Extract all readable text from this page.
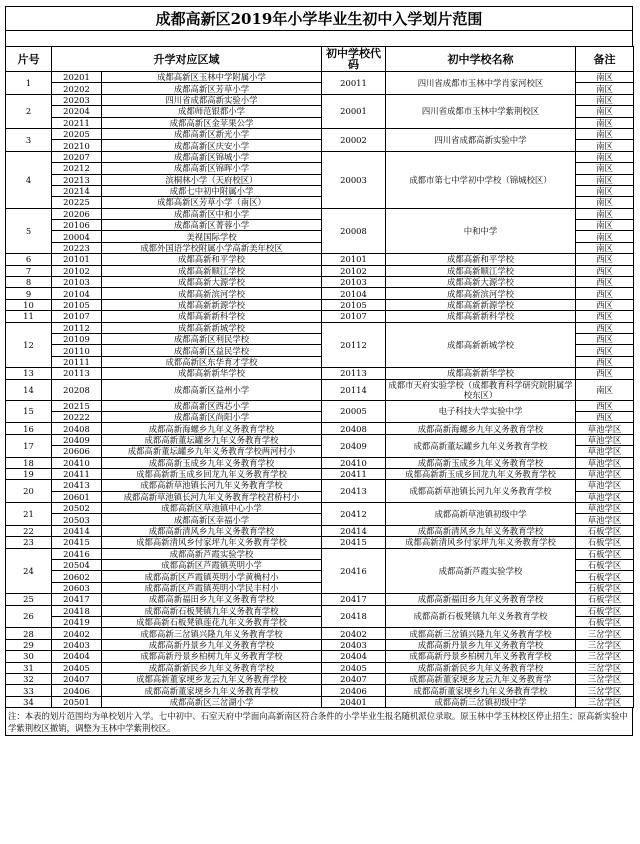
成都高新区2019年小学毕业生初中入学划片范围
片号	升学对应区域		初中学校代码	初中学校名称	备注
1	20201	成都高新区玉林中学附属小学	20011	四川省成都市玉林中学肖家河校区	南区
	20202	成都高新区芳草小学			南区
2	20203	四川省成都高新实验小学	20001	四川省成都市玉林中学紫荆校区	南区
	20204	成都师范银都小学			南区
	20211	成都高新区金苹果公学			南区
3	20205	成都高新区新光小学	20002	四川省成都高新实验中学	南区
	20210	成都高新区庆安小学			南区
4	20207	成都高新区锦城小学	20003	成都市第七中学初中学校（锦城校区）	南区
	20212	成都高新区锦晖小学			南区
	20213	滨桐林小学（天府校区）			南区
	20214	成都七中初中附属小学			南区
	20225	成都高新区芳草小学（南区）			南区
5	20206	成都高新区中和小学	20008	中和中学	南区
	20106	成都高新区菁蓉小学			南区
	20004	美视国际学校			南区
	20223	成都外国语学校附属小学高新美年校区			南区
6	20101	成都高新和平学校	20101	成都高新和平学校	西区
7	20102	成都高新顺江学校	20102	成都高新顺江学校	西区
8	20103	成都高新大源学校	20103	成都高新大源学校	西区
9	20104	成都高新滨河学校	20104	成都高新滨河学校	西区
10	20105	成都高新新源学校	20105	成都高新新源学校	西区
11	20107	成都高新新科学校	20107	成都高新新科学校	西区
12	20112	成都高新新城学校	20112	成都高新新城学校	西区
	20109	成都高新区利民学校			西区
	20110	成都高新区益民学校			西区
	20111	成都高新区东华育才学校			西区
13	20113	成都高新新华学校	20113	成都高新新华学校	西区
14	20208	成都高新区益州小学	20114	成都市天府实验学校（成都教育科学研究院附属学校东区）	南区
15	20215	成都高新区西芯小学	20005	电子科技大学实验中学	西区
	20222	成都高新区尚阳小学			西区
16	20408	成都高新海螺乡九年义务教育学校	20408	成都高新海螺乡九年义务教育学校	草池学区
17	20409	成都高新董坛罐乡九年义务教育学校	20409	成都高新董坛罐乡九年义务教育学校	草池学区
	20606	成都高新董坛罐乡九年义务教育学校两河村小			草池学区
18	20410	成都高新玉成乡九年义务教育学校	20410	成都高新玉成乡九年义务教育学校	草池学区
19	20411	成都高新新玉成乡回龙九年义务教育学校	20411	成都高新新玉成乡回龙九年义务教育学校	草池学区
20	20413	成都高新草池镇长河九年义务教育学校	20413	成都高新草池镇长河九年义务教育学校	草池学区
	20601	成都高新草池镇长河九年义务教育学校君桥村小			草池学区
21	20502	成都高新区草池镇中心小学	20412	成都高新草池镇初级中学	草池学区
	20503	成都高新区幸福小学			草池学区
22	20414	成都高新清风乡九年义务教育学校	20414	成都高新清风乡九年义务教育学校	石板学区
23	20415	成都高新清风乡付家坪九年义务教育学校	20415	成都高新清风乡付家坪九年义务教育学校	石板学区
24	20416	成都高新芦霞实验学校	20416	成都高新芦霞实验学校	石板学区
	20504	成都高新区芦霞镇英明小学			石板学区
	20602	成都高新区芦霞镇英明小学黄桷村小			石板学区
	20603	成都高新区芦霞镇英明小学民丰村小			石板学区
25	20417	成都高新福田乡九年义务教育学校	20417	成都高新福田乡九年义务教育学校	石板学区
26	20418	成都高新石板凳镇九年义务教育学校	20418	成都高新石板凳镇九年义务教育学校	石板学区
	20419	成都高新石板凳镇莲花九年义务教育学校			石板学区
28	20402	成都高新三岔镇兴隆九年义务教育学校	20402	成都高新三岔镇兴隆九年义务教育学校	三岔学区
29	20403	成都高新丹景乡九年义务教育学校	20403	成都高新丹景乡九年义务教育学校	三岔学区
30	20404	成都高新丹景乡柏树九年义务教育学校	20404	成都高新丹景乡柏树九年义务教育学校	三岔学区
31	20405	成都高新新民乡九年义务教育学校	20405	成都高新新民乡九年义务教育学校	三岔学区
32	20407	成都高新董家埂乡龙云九年义务教育学校	20407	成都高新董家埂乡龙云九年义务教育学	三岔学区
33	20406	成都高新董家埂乡九年义务教育学校	20406	成都高新董家埂乡九年义务教育学校	三岔学区
34	20501	成都高新区三岔湖小学	20401	成都高新三岔镇初级中学	三岔学区
注：本表的划片范围均为单校划片入学。七中初中、石室天府中学面向高新南区符合条件的小学毕业生报名随机派位录取。原玉林中学玉林校区停止招生；原高新实验中学紫荆校区撤销，调整为玉林中学紫荆校区。
